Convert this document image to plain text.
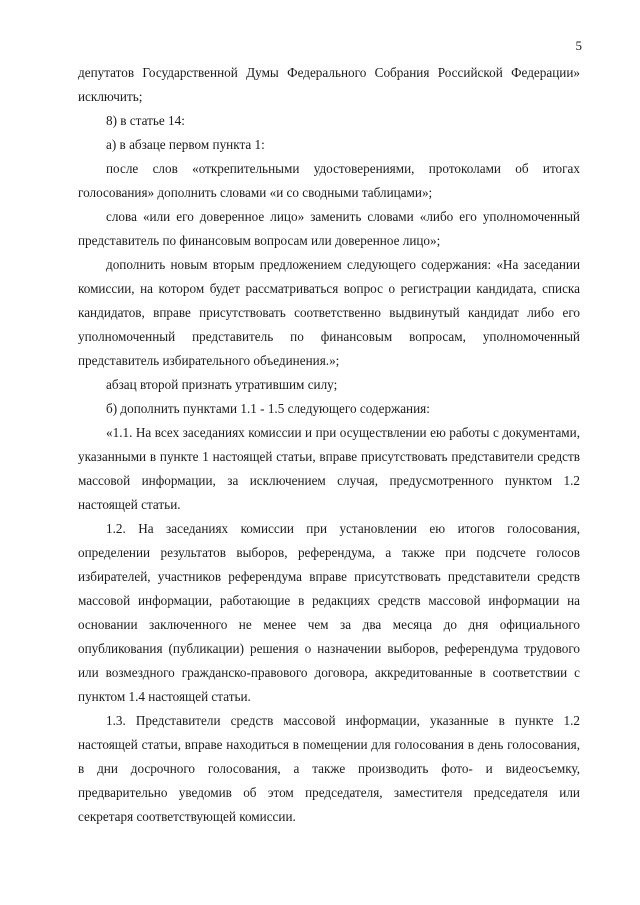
5

депутатов Государственной Думы Федерального Собрания Российской Федерации» исключить;

8) в статье 14:

а) в абзаце первом пункта 1:

после слов «открепительными удостоверениями, протоколами об итогах голосования» дополнить словами «и со сводными таблицами»;

слова «или его доверенное лицо» заменить словами «либо его уполномоченный представитель по финансовым вопросам или доверенное лицо»;

дополнить новым вторым предложением следующего содержания: «На заседании комиссии, на котором будет рассматриваться вопрос о регистрации кандидата, списка кандидатов, вправе присутствовать соответственно выдвинутый кандидат либо его уполномоченный представитель по финансовым вопросам, уполномоченный представитель избирательного объединения.»;

абзац второй признать утратившим силу;

б) дополнить пунктами 1.1 - 1.5 следующего содержания:

«1.1. На всех заседаниях комиссии и при осуществлении ею работы с документами, указанными в пункте 1 настоящей статьи, вправе присутствовать представители средств массовой информации, за исключением случая, предусмотренного пунктом 1.2 настоящей статьи.

1.2. На заседаниях комиссии при установлении ею итогов голосования, определении результатов выборов, референдума, а также при подсчете голосов избирателей, участников референдума вправе присутствовать представители средств массовой информации, работающие в редакциях средств массовой информации на основании заключенного не менее чем за два месяца до дня официального опубликования (публикации) решения о назначении выборов, референдума трудового или возмездного гражданско-правового договора, аккредитованные в соответствии с пунктом 1.4 настоящей статьи.

1.3. Представители средств массовой информации, указанные в пункте 1.2 настоящей статьи, вправе находиться в помещении для голосования в день голосования, в дни досрочного голосования, а также производить фото- и видеосъемку, предварительно уведомив об этом председателя, заместителя председателя или секретаря соответствующей комиссии.
